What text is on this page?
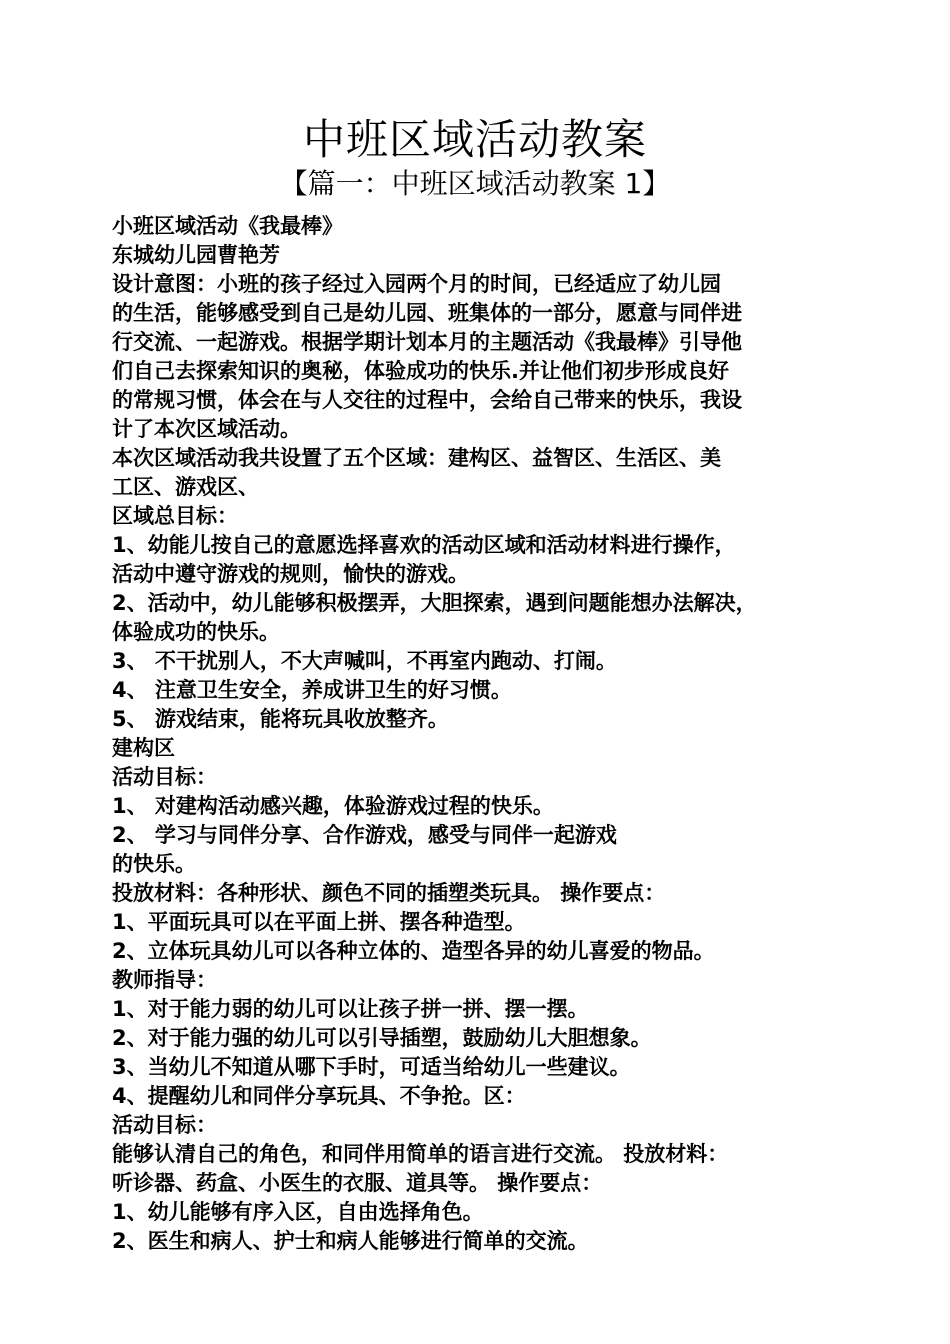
中班区域活动教案
【篇一：中班区域活动教案 1】
小班区域活动《我最棒》
东城幼儿园曹艳芳
设计意图：小班的孩子经过入园两个月的时间，已经适应了幼儿园
的生活，能够感受到自己是幼儿园、班集体的一部分，愿意与同伴进
行交流、一起游戏。根据学期计划本月的主题活动《我最棒》引导他
们自己去探索知识的奥秘，体验成功的快乐.并让他们初步形成良好
的常规习惯，体会在与人交往的过程中，会给自己带来的快乐，我设
计了本次区域活动。
本次区域活动我共设置了五个区域：建构区、益智区、生活区、美
工区、游戏区、
区域总目标：
1、幼能儿按自己的意愿选择喜欢的活动区域和活动材料进行操作，
活动中遵守游戏的规则，愉快的游戏。
2、活动中，幼儿能够积极摆弄，大胆探索，遇到问题能想办法解决，
体验成功的快乐。
3、 不干扰别人，不大声喊叫，不再室内跑动、打闹。
4、 注意卫生安全，养成讲卫生的好习惯。
5、 游戏结束，能将玩具收放整齐。
建构区
活动目标：
1、 对建构活动感兴趣，体验游戏过程的快乐。
2、 学习与同伴分享、合作游戏，感受与同伴一起游戏
的快乐。
投放材料：各种形状、颜色不同的插塑类玩具。 操作要点：
1、平面玩具可以在平面上拼、摆各种造型。
2、立体玩具幼儿可以各种立体的、造型各异的幼儿喜爱的物品。
教师指导：
1、对于能力弱的幼儿可以让孩子拼一拼、摆一摆。
2、对于能力强的幼儿可以引导插塑，鼓励幼儿大胆想象。
3、当幼儿不知道从哪下手时，可适当给幼儿一些建议。
4、提醒幼儿和同伴分享玩具、不争抢。区：
活动目标：
能够认清自己的角色，和同伴用简单的语言进行交流。 投放材料：
听诊器、药盒、小医生的衣服、道具等。 操作要点：
1、幼儿能够有序入区，自由选择角色。
2、医生和病人、护士和病人能够进行简单的交流。
